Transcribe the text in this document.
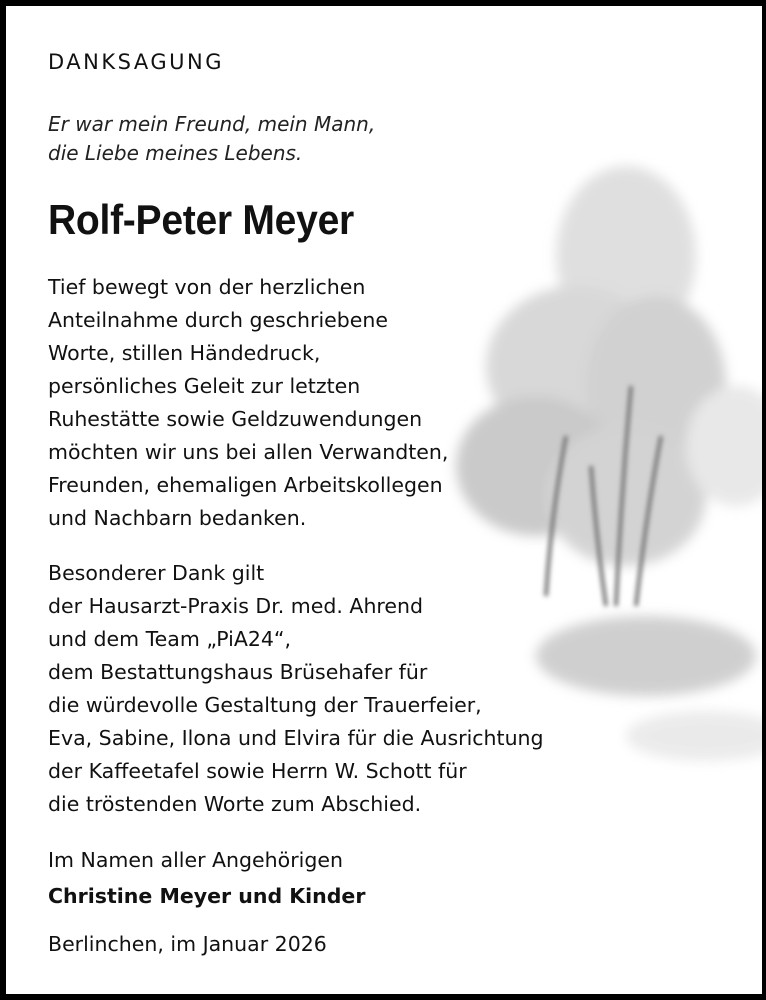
DANKSAGUNG
Er war mein Freund, mein Mann,
die Liebe meines Lebens.
Rolf-Peter Meyer
Tief bewegt von der herzlichen
Anteilnahme durch geschriebene
Worte, stillen Händedruck,
persönliches Geleit zur letzten
Ruhestätte sowie Geldzuwendungen
möchten wir uns bei allen Verwandten,
Freunden, ehemaligen Arbeitskollegen
und Nachbarn bedanken.
Besonderer Dank gilt
der Hausarzt-Praxis Dr. med. Ahrend
und dem Team „PiA24“,
dem Bestattungshaus Brüsehafer für
die würdevolle Gestaltung der Trauerfeier,
Eva, Sabine, Ilona und Elvira für die Ausrichtung
der Kaffeetafel sowie Herrn W. Schott für
die tröstenden Worte zum Abschied.
Im Namen aller Angehörigen
Christine Meyer und Kinder
Berlinchen, im Januar 2026
